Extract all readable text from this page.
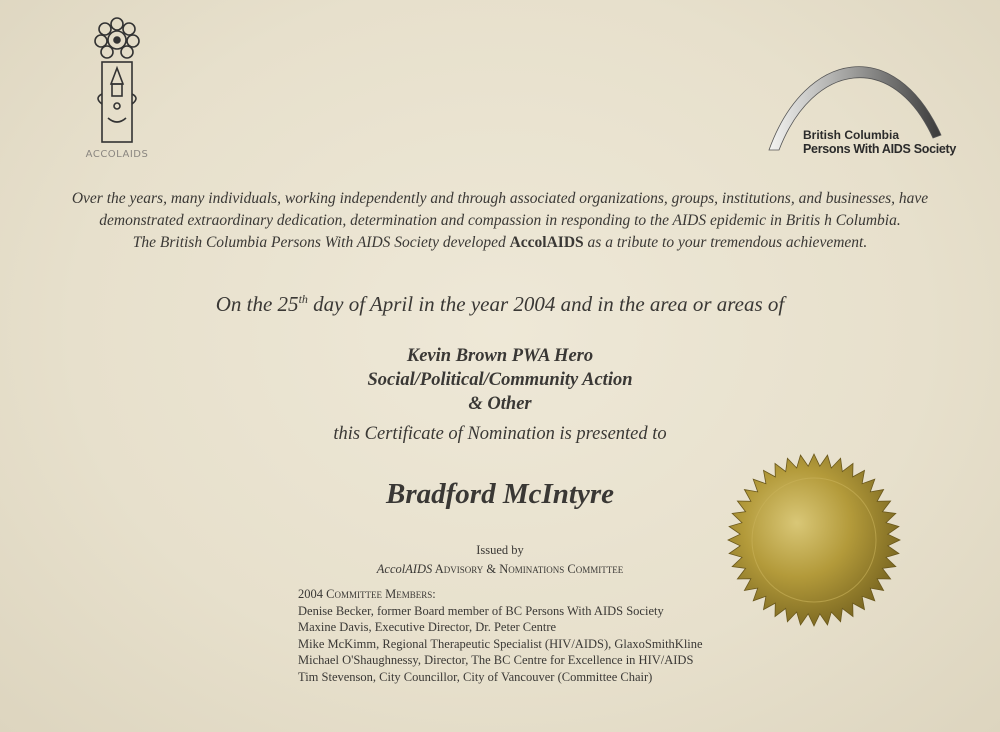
ACCOLAIDS
British Columbia
Persons With AIDS Society
Over the years, many individuals, working independently and through associated organizations, groups, institutions, and businesses, have
demonstrated extraordinary dedication, determination and compassion in responding to the AIDS epidemic in Britis h Columbia.
The British Columbia Persons With AIDS Society developed AccolAIDS as a tribute to your tremendous achievement.
On the 25th day of April in the year 2004 and in the area or areas of
Kevin Brown PWA Hero
Social/Political/Community Action
& Other
this Certificate of Nomination is presented to
Bradford McIntyre
Issued by
AccolAIDS Advisory & Nominations Committee
2004 Committee Members:
Denise Becker, former Board member of BC Persons With AIDS Society
Maxine Davis, Executive Director, Dr. Peter Centre
Mike McKimm, Regional Therapeutic Specialist (HIV/AIDS), GlaxoSmithKline
Michael O'Shaughnessy, Director, The BC Centre for Excellence in HIV/AIDS
Tim Stevenson, City Councillor, City of Vancouver (Committee Chair)
